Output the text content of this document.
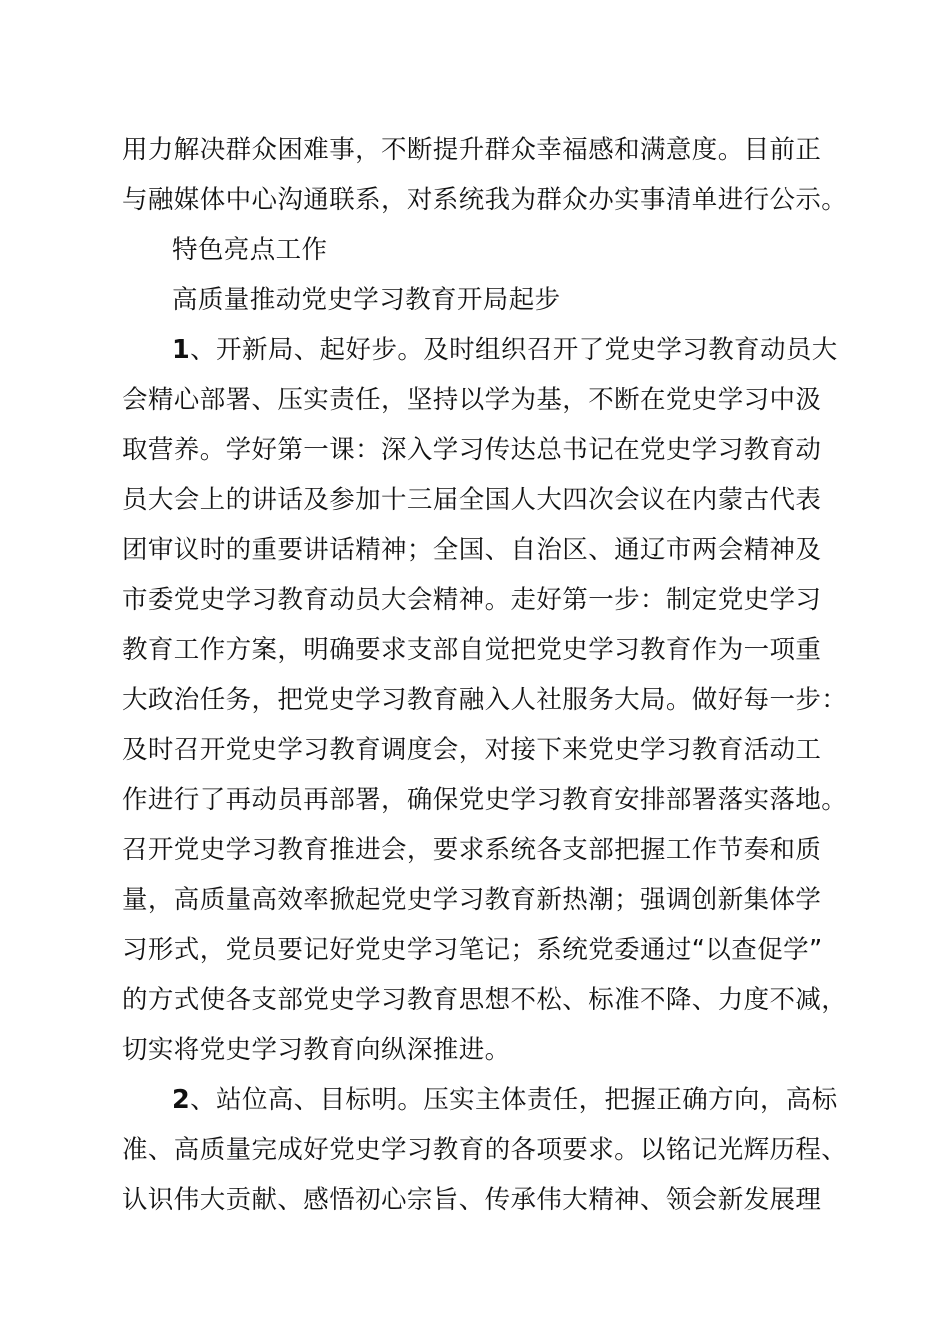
用力解决群众困难事，不断提升群众幸福感和满意度。目前正
与融媒体中心沟通联系，对系统我为群众办实事清单进行公示。
特色亮点工作
高质量推动党史学习教育开局起步
1、开新局、起好步。及时组织召开了党史学习教育动员大
会精心部署、压实责任，坚持以学为基，不断在党史学习中汲
取营养。学好第一课：深入学习传达总书记在党史学习教育动
员大会上的讲话及参加十三届全国人大四次会议在内蒙古代表
团审议时的重要讲话精神；全国、自治区、通辽市两会精神及
市委党史学习教育动员大会精神。走好第一步：制定党史学习
教育工作方案，明确要求支部自觉把党史学习教育作为一项重
大政治任务，把党史学习教育融入人社服务大局。做好每一步：
及时召开党史学习教育调度会，对接下来党史学习教育活动工
作进行了再动员再部署，确保党史学习教育安排部署落实落地。
召开党史学习教育推进会，要求系统各支部把握工作节奏和质
量，高质量高效率掀起党史学习教育新热潮；强调创新集体学
习形式，党员要记好党史学习笔记；系统党委通过“以查促学”
的方式使各支部党史学习教育思想不松、标准不降、力度不减，
切实将党史学习教育向纵深推进。
2、站位高、目标明。压实主体责任，把握正确方向，高标
准、高质量完成好党史学习教育的各项要求。以铭记光辉历程、
认识伟大贡献、感悟初心宗旨、传承伟大精神、领会新发展理
